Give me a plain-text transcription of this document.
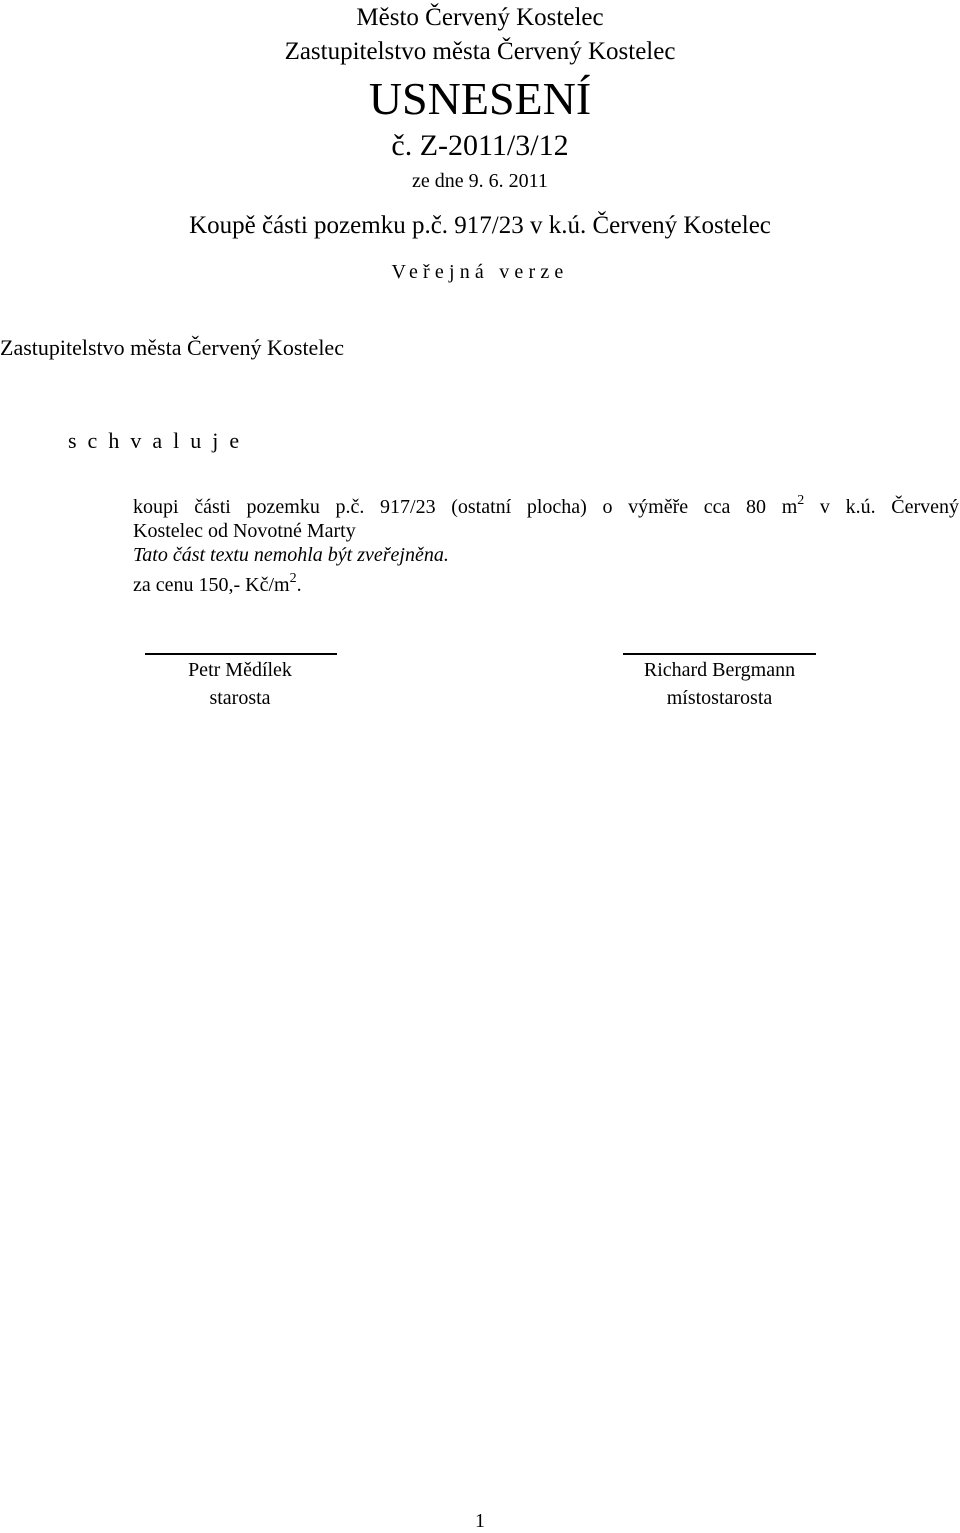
Město Červený Kostelec
Zastupitelstvo města Červený Kostelec
USNESENÍ
č. Z-2011/3/12
ze dne 9. 6. 2011
Koupě části pozemku p.č. 917/23 v k.ú. Červený Kostelec
Veřejná verze
Zastupitelstvo města Červený Kostelec
schvaluje
koupi části pozemku p.č. 917/23 (ostatní plocha) o výměře cca 80 $m^2$ v k.ú. Červený
Kostelec od Novotné Marty
Tato část textu nemohla být zveřejněna.
za cenu 150,- $Kč/m^2$.
Petr Mědílek
starosta
Richard Bergmann
místostarosta
1
